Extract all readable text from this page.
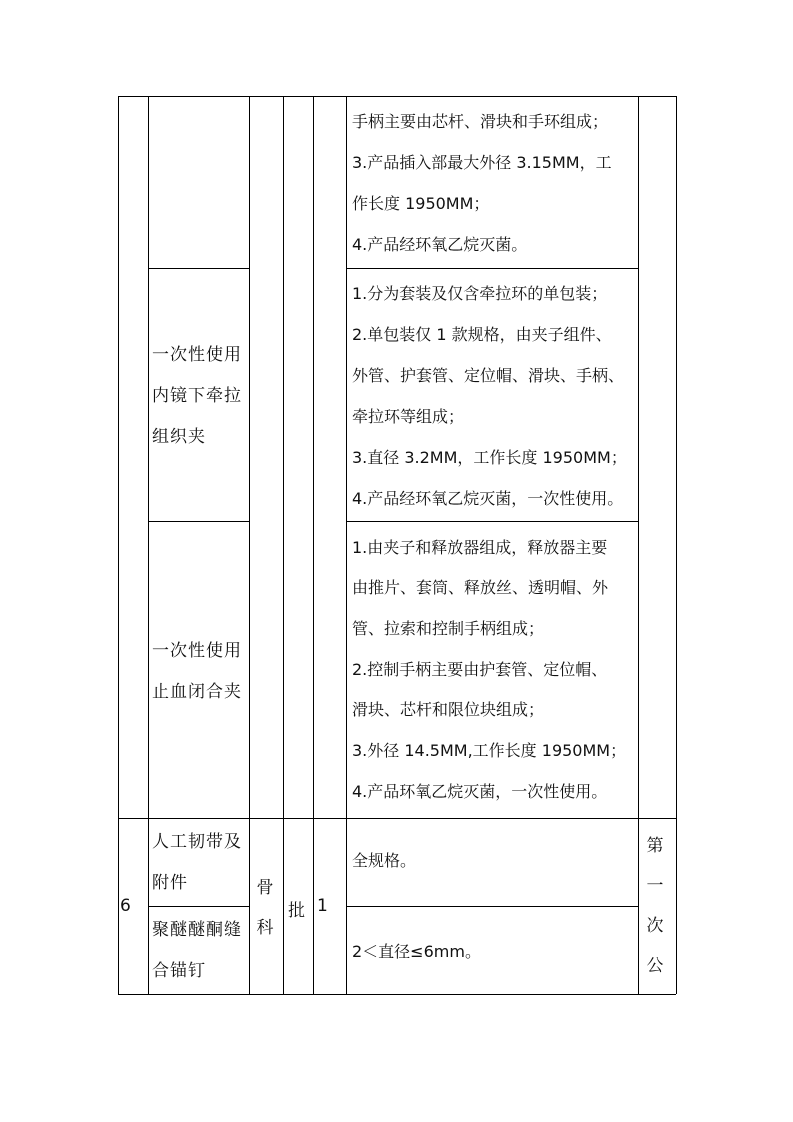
手柄主要由芯杆、滑块和手环组成；
3.产品插入部最大外径 3.15MM，工
作长度 1950MM；
4.产品经环氧乙烷灭菌。
一次性使用
内镜下牵拉
组织夹
1.分为套装及仅含牵拉环的单包装；
2.单包装仅 1 款规格，由夹子组件、
外管、护套管、定位帽、滑块、手柄、
牵拉环等组成；
3.直径 3.2MM，工作长度 1950MM；
4.产品经环氧乙烷灭菌，一次性使用。
一次性使用
止血闭合夹
1.由夹子和释放器组成，释放器主要
由推片、套筒、释放丝、透明帽、外
管、拉索和控制手柄组成；
2.控制手柄主要由护套管、定位帽、
滑块、芯杆和限位块组成；
3.外径 14.5MM,工作长度 1950MM；
4.产品环氧乙烷灭菌，一次性使用。
6
人工韧带及
附件
聚醚醚酮缝
合锚钉
骨
科
批 1
全规格。
2＜直径≤6mm。
第
一
次
公
